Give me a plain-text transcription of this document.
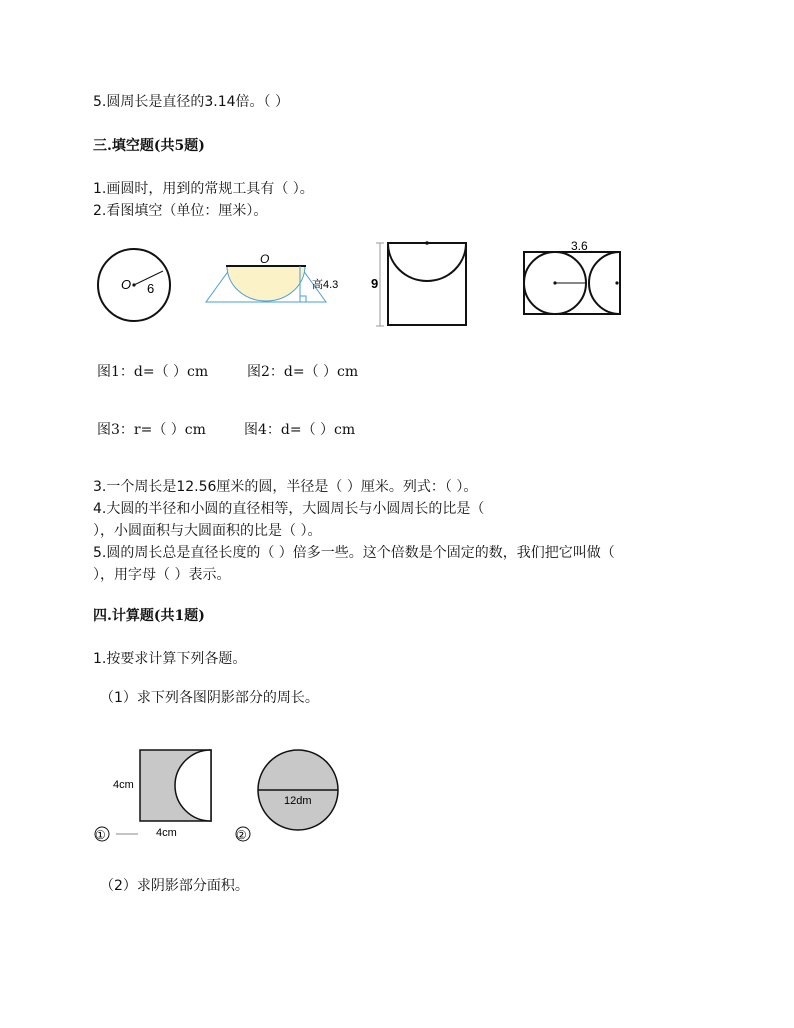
5.圆周长是直径的3.14倍。（ ）
三.填空题(共5题)
1.画圆时，用到的常规工具有（ ）。
2.看图填空（单位：厘米）。
O 6
O
高4.3	9
3.6
图1：d=（ ）cm	图2：d=（ ）cm
图3：r=（ ）cm	图4：d=（ ）cm
3.一个周长是12.56厘米的圆，半径是（ ）厘米。列式：（ ）。
4.大圆的半径和小圆的直径相等，大圆周长与小圆周长的比是（
），小圆面积与大圆面积的比是（ ）。
5.圆的周长总是直径长度的（ ）倍多一些。这个倍数是个固定的数，我们把它叫做（
），用字母（ ）表示。
四.计算题(共1题)
1.按要求计算下列各题。
（1）求下列各图阴影部分的周长。
①
4cm
4cm	②
12dm
（2）求阴影部分面积。
